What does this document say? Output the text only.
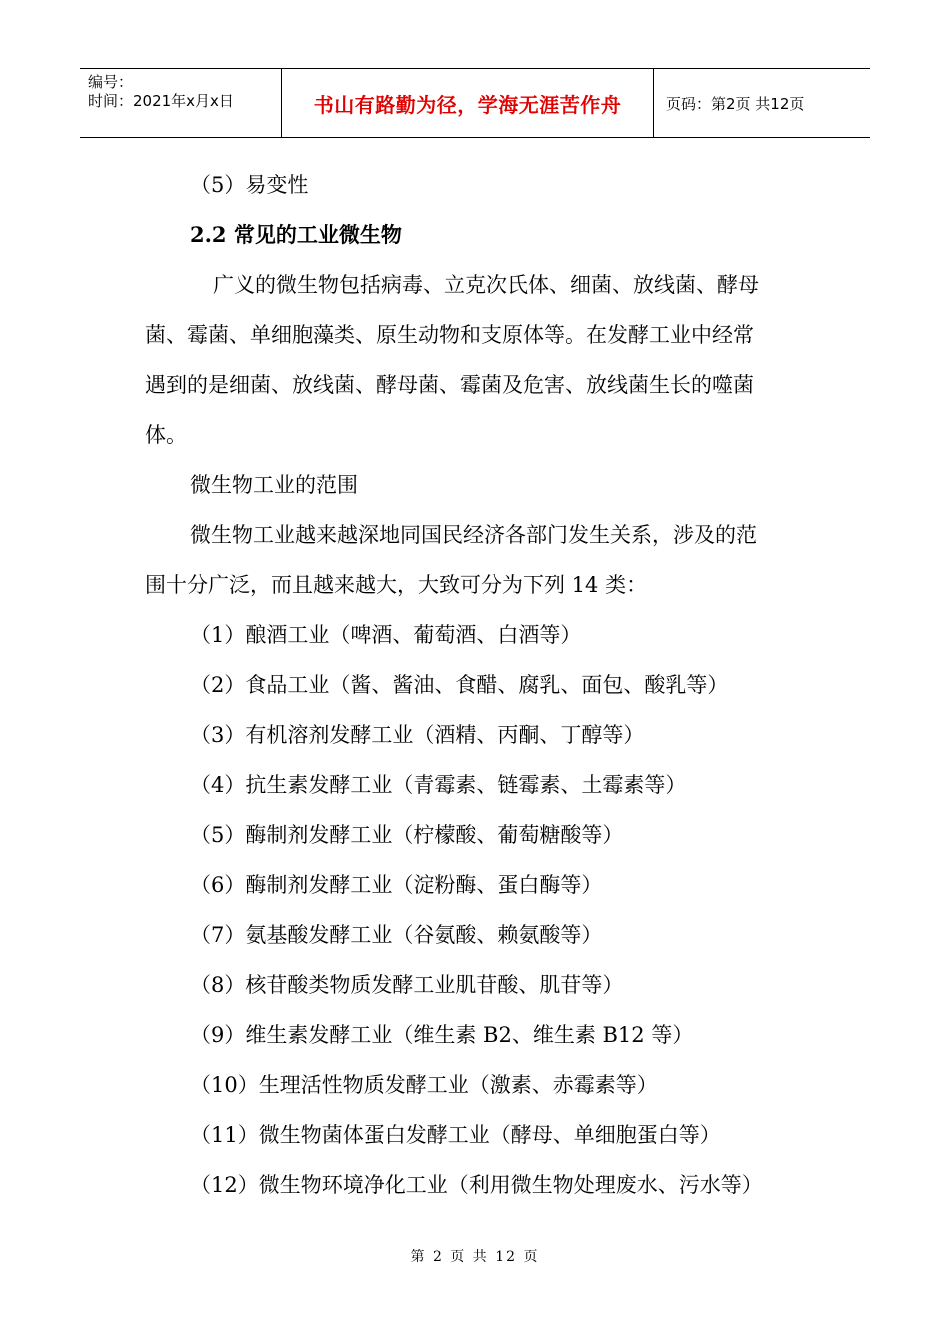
编号：
时间：2021年x月x日	书山有路勤为径，学海无涯苦作舟	页码：第2页 共12页

（5）易变性

2.2 常见的工业微生物

广义的微生物包括病毒、立克次氏体、细菌、放线菌、酵母

菌、霉菌、单细胞藻类、原生动物和支原体等。在发酵工业中经常

遇到的是细菌、放线菌、酵母菌、霉菌及危害、放线菌生长的噬菌

体。

微生物工业的范围

微生物工业越来越深地同国民经济各部门发生关系，涉及的范

围十分广泛，而且越来越大，大致可分为下列 14 类：

（1）酿酒工业（啤酒、葡萄酒、白酒等）

（2）食品工业（酱、酱油、食醋、腐乳、面包、酸乳等）

（3）有机溶剂发酵工业（酒精、丙酮、丁醇等）

（4）抗生素发酵工业（青霉素、链霉素、土霉素等）

（5）酶制剂发酵工业（柠檬酸、葡萄糖酸等）

（6）酶制剂发酵工业（淀粉酶、蛋白酶等）

（7）氨基酸发酵工业（谷氨酸、赖氨酸等）

（8）核苷酸类物质发酵工业肌苷酸、肌苷等）

（9）维生素发酵工业（维生素 B2、维生素 B12 等）

（10）生理活性物质发酵工业（激素、赤霉素等）

（11）微生物菌体蛋白发酵工业（酵母、单细胞蛋白等）

（12）微生物环境净化工业（利用微生物处理废水、污水等）

第 2 页 共 12 页
